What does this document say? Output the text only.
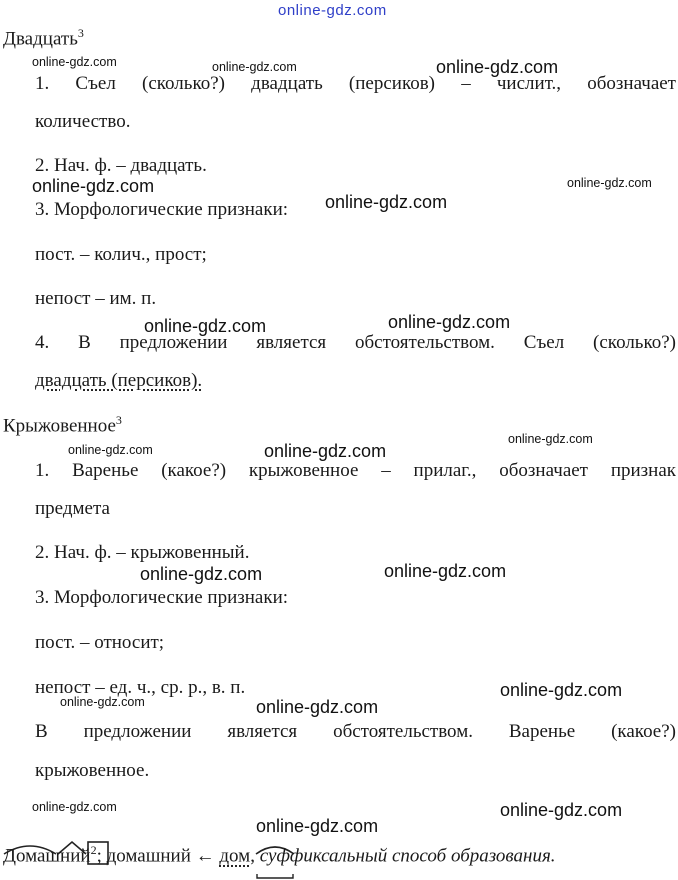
online-gdz.com
online-gdz.com	online-gdz.com	online-gdz.com
online-gdz.com	online-gdz.com
online-gdz.com
online-gdz.com	online-gdz.com
online-gdz.com	online-gdz.com
online-gdz.com
online-gdz.com	online-gdz.com
online-gdz.com	online-gdz.com
online-gdz.com
online-gdz.com	online-gdz.com
online-gdz.com
Двадцать$^3$
1. Съел (сколько?) двадцать (персиков) – числит., обозначает
количество.
2. Нач. ф. – двадцать.
3. Морфологические признаки:
пост. – колич., прост;
непост – им. п.
4. В предложении является обстоятельством. Съел (сколько?)
двадцать (персиков).
Крыжовенное$^3$
1. Варенье (какое?) крыжовенное – прилаг., обозначает признак
предмета
2. Нач. ф. – крыжовенный.
3. Морфологические признаки:
пост. – относит;
непост – ед. ч., ср. р., в. п.
В предложении является обстоятельством. Варенье (какое?)
крыжовенное.
Домашний$^2$; домашний ← дом, суффиксальный способ образования.
